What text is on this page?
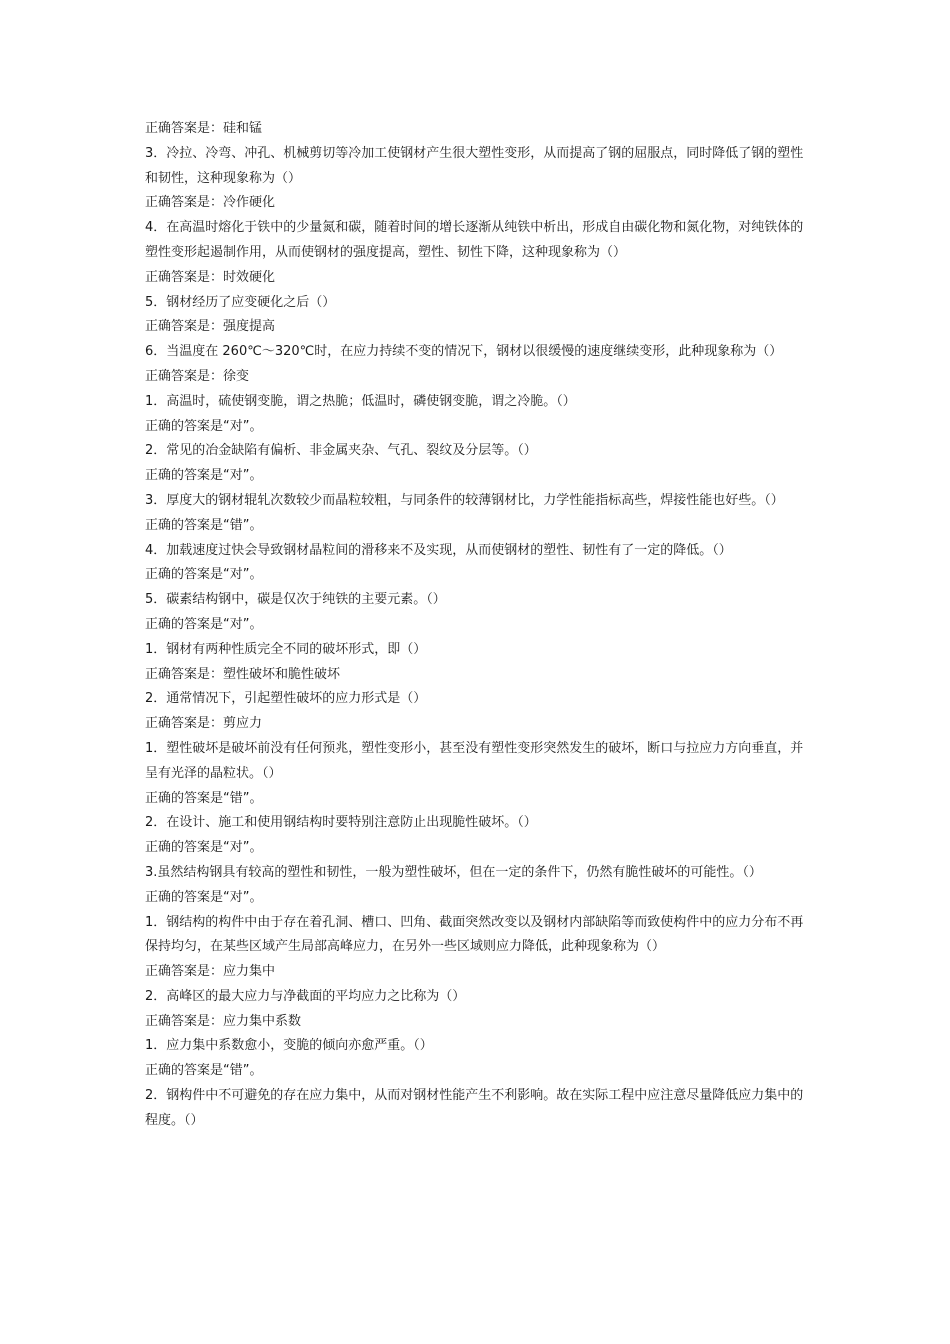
正确答案是：硅和锰

3．冷拉、冷弯、冲孔、机械剪切等冷加工使钢材产生很大塑性变形，从而提高了钢的屈服点，同时降低了钢的塑性和韧性，这种现象称为（）

正确答案是：冷作硬化

4．在高温时熔化于铁中的少量氮和碳，随着时间的增长逐渐从纯铁中析出，形成自由碳化物和氮化物，对纯铁体的塑性变形起遏制作用，从而使钢材的强度提高，塑性、韧性下降，这种现象称为（）

正确答案是：时效硬化

5．钢材经历了应变硬化之后（）

正确答案是：强度提高

6．当温度在 260℃～320℃时，在应力持续不变的情况下，钢材以很缓慢的速度继续变形，此种现象称为（）

正确答案是：徐变

1．高温时，硫使钢变脆，谓之热脆；低温时，磷使钢变脆，谓之冷脆。（）

正确的答案是“对”。

2．常见的冶金缺陷有偏析、非金属夹杂、气孔、裂纹及分层等。（）

正确的答案是“对”。

3．厚度大的钢材辊轧次数较少而晶粒较粗，与同条件的较薄钢材比，力学性能指标高些，焊接性能也好些。（）

正确的答案是“错”。

4．加载速度过快会导致钢材晶粒间的滑移来不及实现，从而使钢材的塑性、韧性有了一定的降低。（）

正确的答案是“对”。

5．碳素结构钢中，碳是仅次于纯铁的主要元素。（）

正确的答案是“对”。

1．钢材有两种性质完全不同的破坏形式，即（）

正确答案是：塑性破坏和脆性破坏

2．通常情况下，引起塑性破坏的应力形式是（）

正确答案是：剪应力

1．塑性破坏是破坏前没有任何预兆，塑性变形小，甚至没有塑性变形突然发生的破坏，断口与拉应力方向垂直，并呈有光泽的晶粒状。（）

正确的答案是“错”。

2．在设计、施工和使用钢结构时要特别注意防止出现脆性破坏。（）

正确的答案是“对”。

3.虽然结构钢具有较高的塑性和韧性，一般为塑性破坏，但在一定的条件下，仍然有脆性破坏的可能性。（）

正确的答案是“对”。

1．钢结构的构件中由于存在着孔洞、槽口、凹角、截面突然改变以及钢材内部缺陷等而致使构件中的应力分布不再保持均匀，在某些区域产生局部高峰应力，在另外一些区域则应力降低，此种现象称为（）

正确答案是：应力集中

2．高峰区的最大应力与净截面的平均应力之比称为（）

正确答案是：应力集中系数

1．应力集中系数愈小，变脆的倾向亦愈严重。（）

正确的答案是“错”。

2．钢构件中不可避免的存在应力集中，从而对钢材性能产生不利影响。故在实际工程中应注意尽量降低应力集中的程度。（）
